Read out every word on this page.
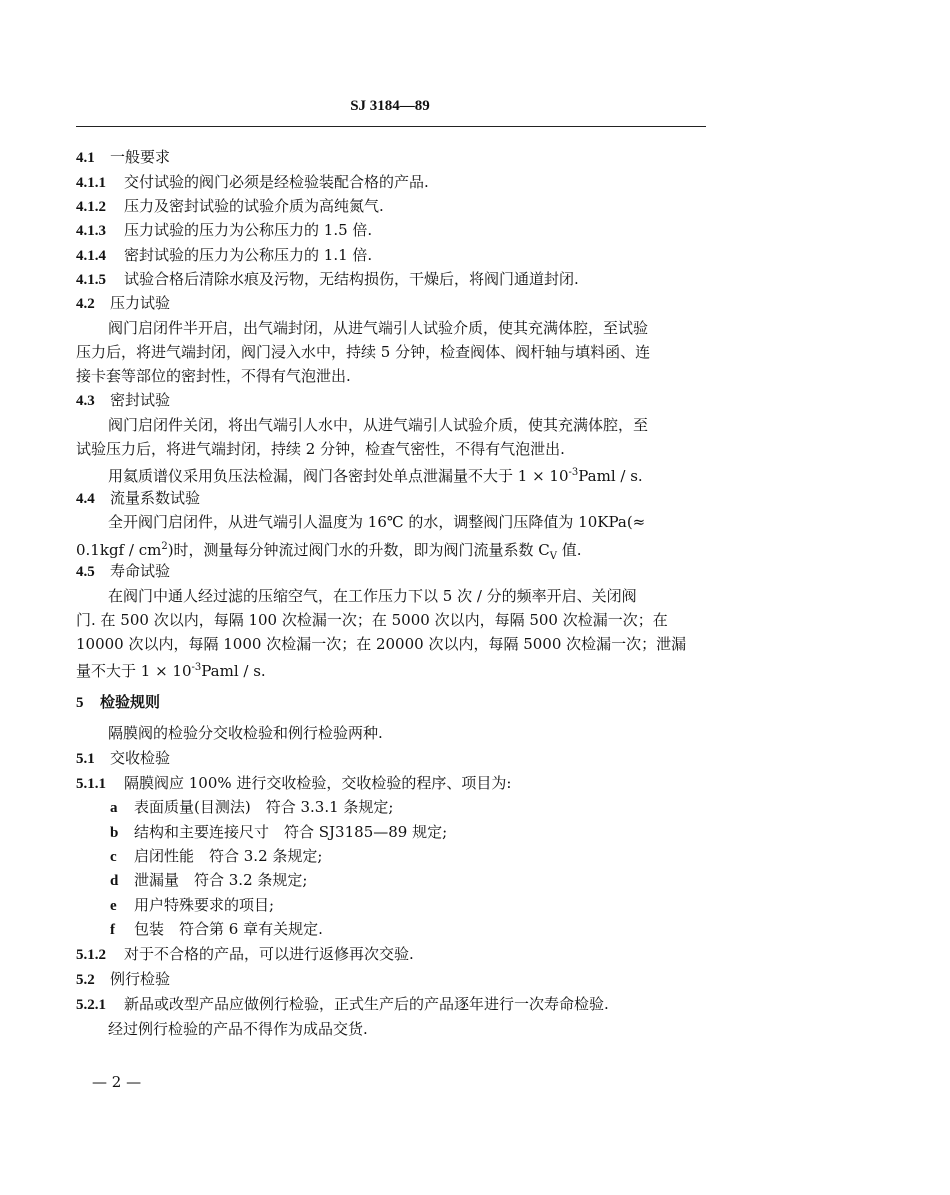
SJ 3184—89
4.1 一般要求
4.1.1 交付试验的阀门必须是经检验装配合格的产品.
4.1.2 压力及密封试验的试验介质为高纯氮气.
4.1.3 压力试验的压力为公称压力的 1.5 倍.
4.1.4 密封试验的压力为公称压力的 1.1 倍.
4.1.5 试验合格后清除水痕及污物，无结构损伤，干燥后，将阀门通道封闭.
4.2 压力试验
阀门启闭件半开启，出气端封闭，从进气端引人试验介质，使其充满体腔，至试验
压力后，将进气端封闭，阀门浸入水中，持续 5 分钟，检查阀体、阀杆轴与填料函、连
接卡套等部位的密封性，不得有气泡泄出.
4.3 密封试验
阀门启闭件关闭，将出气端引人水中，从进气端引人试验介质，使其充满体腔，至
试验压力后，将进气端封闭，持续 2 分钟，检查气密性，不得有气泡泄出.
用氦质谱仪采用负压法检漏，阀门各密封处单点泄漏量不大于 $1 \times 10^{-3}Paml / s$.
4.4 流量系数试验
全开阀门启闭件，从进气端引人温度为 16℃ 的水，调整阀门压降值为 10KPa(≈
$0.1kgf / cm^2$)时，测量每分钟流过阀门水的升数，即为阀门流量系数 $C_V$ 值.
4.5 寿命试验
在阀门中通人经过滤的压缩空气，在工作压力下以 5 次 / 分的频率开启、关闭阀
门. 在 500 次以内，每隔 100 次检漏一次；在 5000 次以内，每隔 500 次检漏一次；在
10000 次以内，每隔 1000 次检漏一次；在 20000 次以内，每隔 5000 次检漏一次；泄漏
量不大于 $1 \times 10^{-3}Paml / s$.
5 检验规则
隔膜阀的检验分交收检验和例行检验两种.
5.1 交收检验
5.1.1 隔膜阀应 100% 进行交收检验，交收检验的程序、项目为:
a 表面质量(目测法)　符合 3.3.1 条规定;
b 结构和主要连接尺寸　符合 SJ3185—89 规定;
c 启闭性能　符合 3.2 条规定;
d 泄漏量　符合 3.2 条规定;
e 用户特殊要求的项目;
f 包装　符合第 6 章有关规定.
5.1.2 对于不合格的产品，可以进行返修再次交验.
5.2 例行检验
5.2.1 新品或改型产品应做例行检验，正式生产后的产品逐年进行一次寿命检验.
经过例行检验的产品不得作为成品交货.
— 2 —
